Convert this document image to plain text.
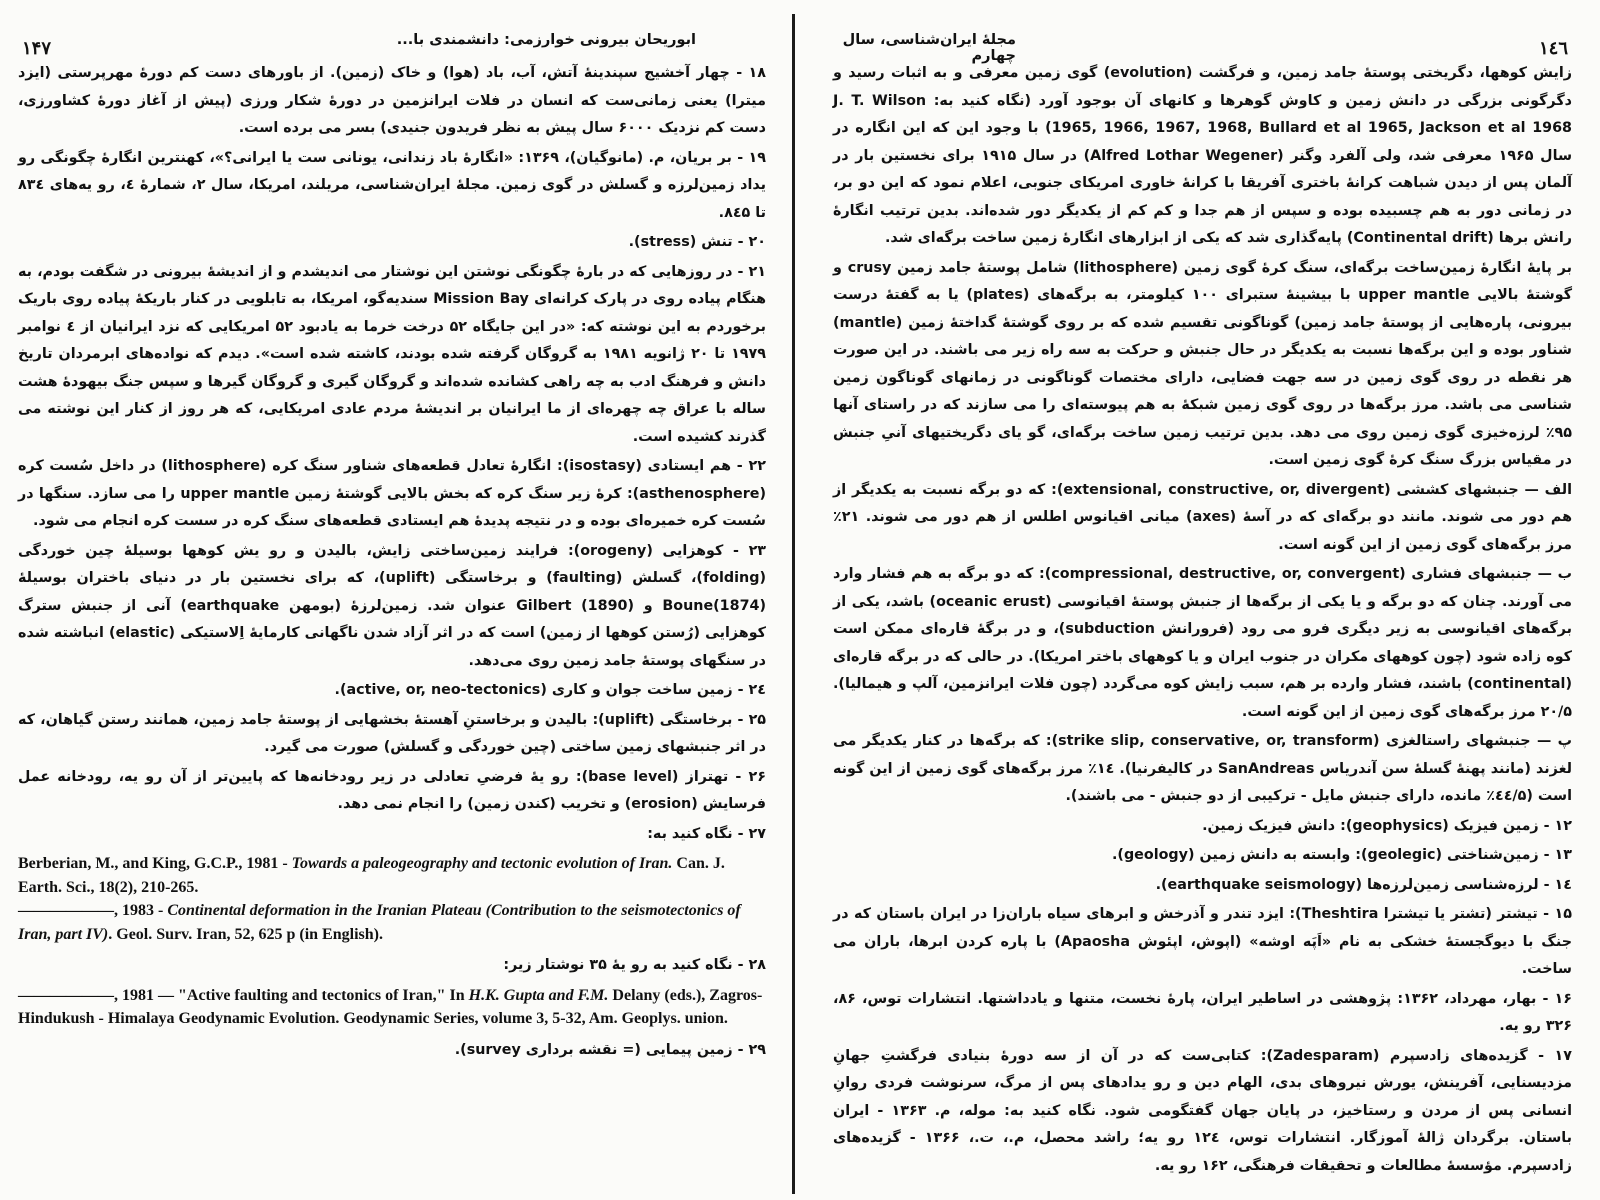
ابوریحان بیرونی خوارزمی: دانشمندی با...
۱۴۷

۱۸ - چهار آخشیج سپندینهٔ آتش، آب، باد (هوا) و خاک (زمین). از باورهای دست کم دورهٔ مهرپرستی (ایزد میترا) یعنی زمانی‌ست که انسان در فلات ایرانزمین در دورهٔ شکار ورزی (پیش از آغاز دورهٔ کشاورزی، دست کم نزدیک ۶۰۰۰ سال پیش به نظر فریدون جنیدی) بسر می برده است.

۱۹ - بر بریان، م. (مانوگیان)، ۱۳۶۹: «انگارهٔ باد زندانی، یونانی ست یا ایرانی؟»، کهنترین انگارهٔ چگونگی رو یداد زمین‌لرزه و گسلش در گوی زمین. مجلهٔ ایران‌شناسی، مریلند، امریکا، سال ۲، شمارهٔ ٤، رو یه‌های ۸۳٤ تا ۸٤۵.

۲۰ - تنش (stress).

۲۱ - در روزهایی که در بارهٔ چگونگی نوشتن این نوشتار می اندیشدم و از اندیشهٔ بیرونی در شگفت بودم، به هنگام پیاده روی در پارک کرانه‌ای Mission Bay سندیه‌گو، امریکا، به تابلویی در کنار باریکهٔ پیاده روی باریک برخوردم به این نوشته که: «در این جایگاه ۵۲ درخت خرما به یادبود ۵۲ امریکایی که نزد ایرانیان از ٤ نوامبر ۱۹۷۹ تا ۲۰ ژانویه ۱۹۸۱ به گروگان گرفته شده بودند، کاشته شده است». دیدم که نواده‌های ابرمردان تاریخ دانش و فرهنگ ادب به چه راهی کشانده شده‌اند و گروگان گیری و گروگان گیرها و سپس جنگ بیهودهٔ هشت ساله با عراق چه چهره‌ای از ما ایرانیان بر اندیشهٔ مردم عادی امریکایی، که هر روز از کنار این نوشته می گذرند کشیده است.

۲۲ - هم ایستادی (isostasy): انگارهٔ تعادل قطعه‌های شناور سنگ کره (lithosphere) در داخل سُست کره (asthenosphere): کرهٔ زیر سنگ کره که بخش بالایی گوشتهٔ زمین upper mantle را می سازد. سنگها در سُست کره خمیره‌ای بوده و در نتیجه پدیدهٔ هم ایستادی قطعه‌های سنگ کره در سست کره انجام می شود.

۲۳ - کوهزایی (orogeny): فرایند زمین‌ساختی زایش، بالیدن و رو یش کوهها بوسیلهٔ چین خوردگی (folding)، گسلش (faulting) و برخاستگی (uplift)، که برای نخستین بار در دنیای باختران بوسیلهٔ Boune(1874) و Gilbert (1890) عنوان شد. زمین‌لرزهٔ (بومهن earthquake) آنی از جنبش سترگ کوهزایی (رُستن کوهها از زمین) است که در اثر آزاد شدن ناگهانی کارمایهٔ اِلاستیکی (elastic) انباشته شده در سنگهای پوستهٔ جامد زمین روی می‌دهد.

۲٤ - زمین ساخت جوان و کاری (active, or, neo-tectonics).

۲۵ - برخاستگی (uplift): بالیدن و برخاستنِ آهستهٔ بخشهایی از پوستهٔ جامد زمین، همانند رستن گیاهان، که در اثر جنبشهای زمین ساختی (چین خوردگی و گسلش) صورت می گیرد.

۲۶ - تهتراز (base level): رو یهٔ فرضیِ تعادلی در زیر رودخانه‌ها که پایین‌تر از آن رو یه، رودخانه عمل فرسایش (erosion) و تخریب (کندن زمین) را انجام نمی دهد.

۲۷ - نگاه کنید به:

Berberian, M., and King, G.C.P., 1981 - Towards a paleogeography and tectonic evolution of Iran. Can. J. Earth. Sci., 18(2), 210-265.
——————, 1983 - Continental deformation in the Iranian Plateau (Contribution to the seismotectonics of Iran, part IV). Geol. Surv. Iran, 52, 625 p (in English).

۲۸ - نگاه کنید به رو یهٔ ۳۵ نوشتار زیر:

——————, 1981 — "Active faulting and tectonics of Iran," In H.K. Gupta and F.M. Delany (eds.), Zagros-Hindukush - Himalaya Geodynamic Evolution. Geodynamic Series, volume 3, 5-32, Am. Geoplys. union.

۲۹ - زمین پیمایی (= نقشه برداری survey).

مجلهٔ ایران‌شناسی، سال چهارم	۱٤٦

زایش کوهها، دگریختی پوستهٔ جامد زمین، و فرگشت (evolution) گوی زمین معرفی و به اثبات رسید و دگرگونی بزرگی در دانش زمین و کاوش گوهرها و کانهای آن بوجود آورد (نگاه کنید به: J. T. Wilson 1965, 1966, 1967, 1968, Bullard et al 1965, Jackson et al 1968) با وجود این که این انگاره در سال ۱۹۶۵ معرفی شد، ولی آلفرد وگنر (Alfred Lothar Wegener) در سال ۱۹۱۵ برای نخستین بار در آلمان پس از دیدن شباهت کرانهٔ باختری آفریقا با کرانهٔ خاوری امریکای جنوبی، اعلام نمود که این دو بر، در زمانی دور به هم چسبیده بوده و سپس از هم جدا و کم کم از یکدیگر دور شده‌اند. بدین ترتیب انگارهٔ رانش برها (Continental drift) پایه‌گذاری شد که یکی از ابزارهای انگارهٔ زمین ساخت برگه‌ای شد.

بر پایهٔ انگارهٔ زمین‌ساخت برگه‌ای، سنگ کرهٔ گوی زمین (lithosphere) شامل پوستهٔ جامد زمین crusy و گوشتهٔ بالایی upper mantle با بیشینهٔ ستبرای ۱۰۰ کیلومتر، به برگه‌های (plates) یا به گفتهٔ درست بیرونی، پاره‌هایی از پوستهٔ جامد زمین) گوناگونی تقسیم شده که بر روی گوشتهٔ گداختهٔ زمین (mantle) شناور بوده و این برگه‌ها نسبت به یکدیگر در حال جنبش و حرکت به سه راه زیر می باشند. در این صورت هر نقطه در روی گوی زمین در سه جهت فضایی، دارای مختصات گوناگونی در زمانهای گوناگون زمین شناسی می باشد. مرز برگه‌ها در روی گوی زمین شبکهٔ به هم پیوسته‌ای را می سازند که در راستای آنها ۹۵٪ لرزه‌خیزی گوی زمین روی می دهد. بدین ترتیب زمین ساخت برگه‌ای، گو یای دگریختیهای آنیِ جنبش در مقیاس بزرگ سنگ کرهٔ گوی زمین است.

الف — جنبشهای کششی (extensional, constructive, or, divergent): که دو برگه نسبت به یکدیگر از هم دور می شوند. مانند دو برگه‌ای که در آسهٔ (axes) میانی اقیانوس اطلس از هم دور می شوند. ۲۱٪ مرز برگه‌های گوی زمین از این گونه است.

ب — جنبشهای فشاری (compressional, destructive, or, convergent): که دو برگه به هم فشار وارد می آورند. چنان که دو برگه و یا یکی از برگه‌ها از جنبش پوستهٔ اقیانوسی (oceanic erust) باشد، یکی از برگه‌های اقیانوسی به زیر دیگری فرو می رود (فرورانش subduction)، و در برگهٔ قاره‌ای ممکن است کوه زاده شود (چون کوههای مکران در جنوب ایران و یا کوههای باختر امریکا). در حالی که در برگه قاره‌ای (continental) باشند، فشار وارده بر هم، سبب زایش کوه می‌گردد (چون فلات ایرانزمین، آلپ و هیمالیا). ۲۰/۵ مرز برگه‌های گوی زمین از این گونه است.

پ — جنبشهای راستالغزی (strike slip, conservative, or, transform): که برگه‌ها در کنار یکدیگر می لغزند (مانند پهنهٔ گسلهٔ سن آندریاس SanAndreas در کالیفرنیا). ۱٤٪ مرز برگه‌های گوی زمین از این گونه است (٤٤/۵٪ مانده، دارای جنبش مایل - ترکیبی از دو جنبش - می باشند).

۱۲ - زمین فیزیک (geophysics): دانش فیزیک زمین.

۱۳ - زمین‌شناختی (geolegic): وابسته به دانش زمین (geology).

۱٤ - لرزه‌شناسی زمین‌لرزه‌ها (earthquake seismology).

۱۵ - تیشتر (تشتر یا تیشترا Theshtira): ایزد تندر و آذرخش و ابرهای سیاه باران‌زا در ایران باستان که در جنگ با دیوگجستهٔ خشکی به نام «اَپَه اوشه» (اپوش، اپئوش Apaosha) با پاره کردن ابرها، باران می ساخت.

۱۶ - بهار، مهرداد، ۱۳۶۲: پژوهشی در اساطیر ایران، پارهٔ نخست، متنها و یادداشتها. انتشارات توس، ۸۶، ۳۲۶ رو یه.

۱۷ - گزیده‌های زادسپرم (Zadesparam): کتابی‌ست که در آن از سه دورهٔ بنیادی فرگشتِ جهانِ مزدیسنایی، آفرینش، یورش نیروهای بدی، الهام دین و رو یدادهای پس از مرگ، سرنوشت فردی روانِ انسانی پس از مردن و رستاخیز، در پایان جهان گفتگومی شود. نگاه کنید به: موله، م. ۱۳۶۳ - ایران باستان. برگردان ژالهٔ آموزگار. انتشارات توس، ۱۲٤ رو یه؛ راشد محصل، م.، ت.، ۱۳۶۶ - گزیده‌های زادسپرم. مؤسسهٔ مطالعات و تحقیقات فرهنگی، ۱۶۲ رو یه.
